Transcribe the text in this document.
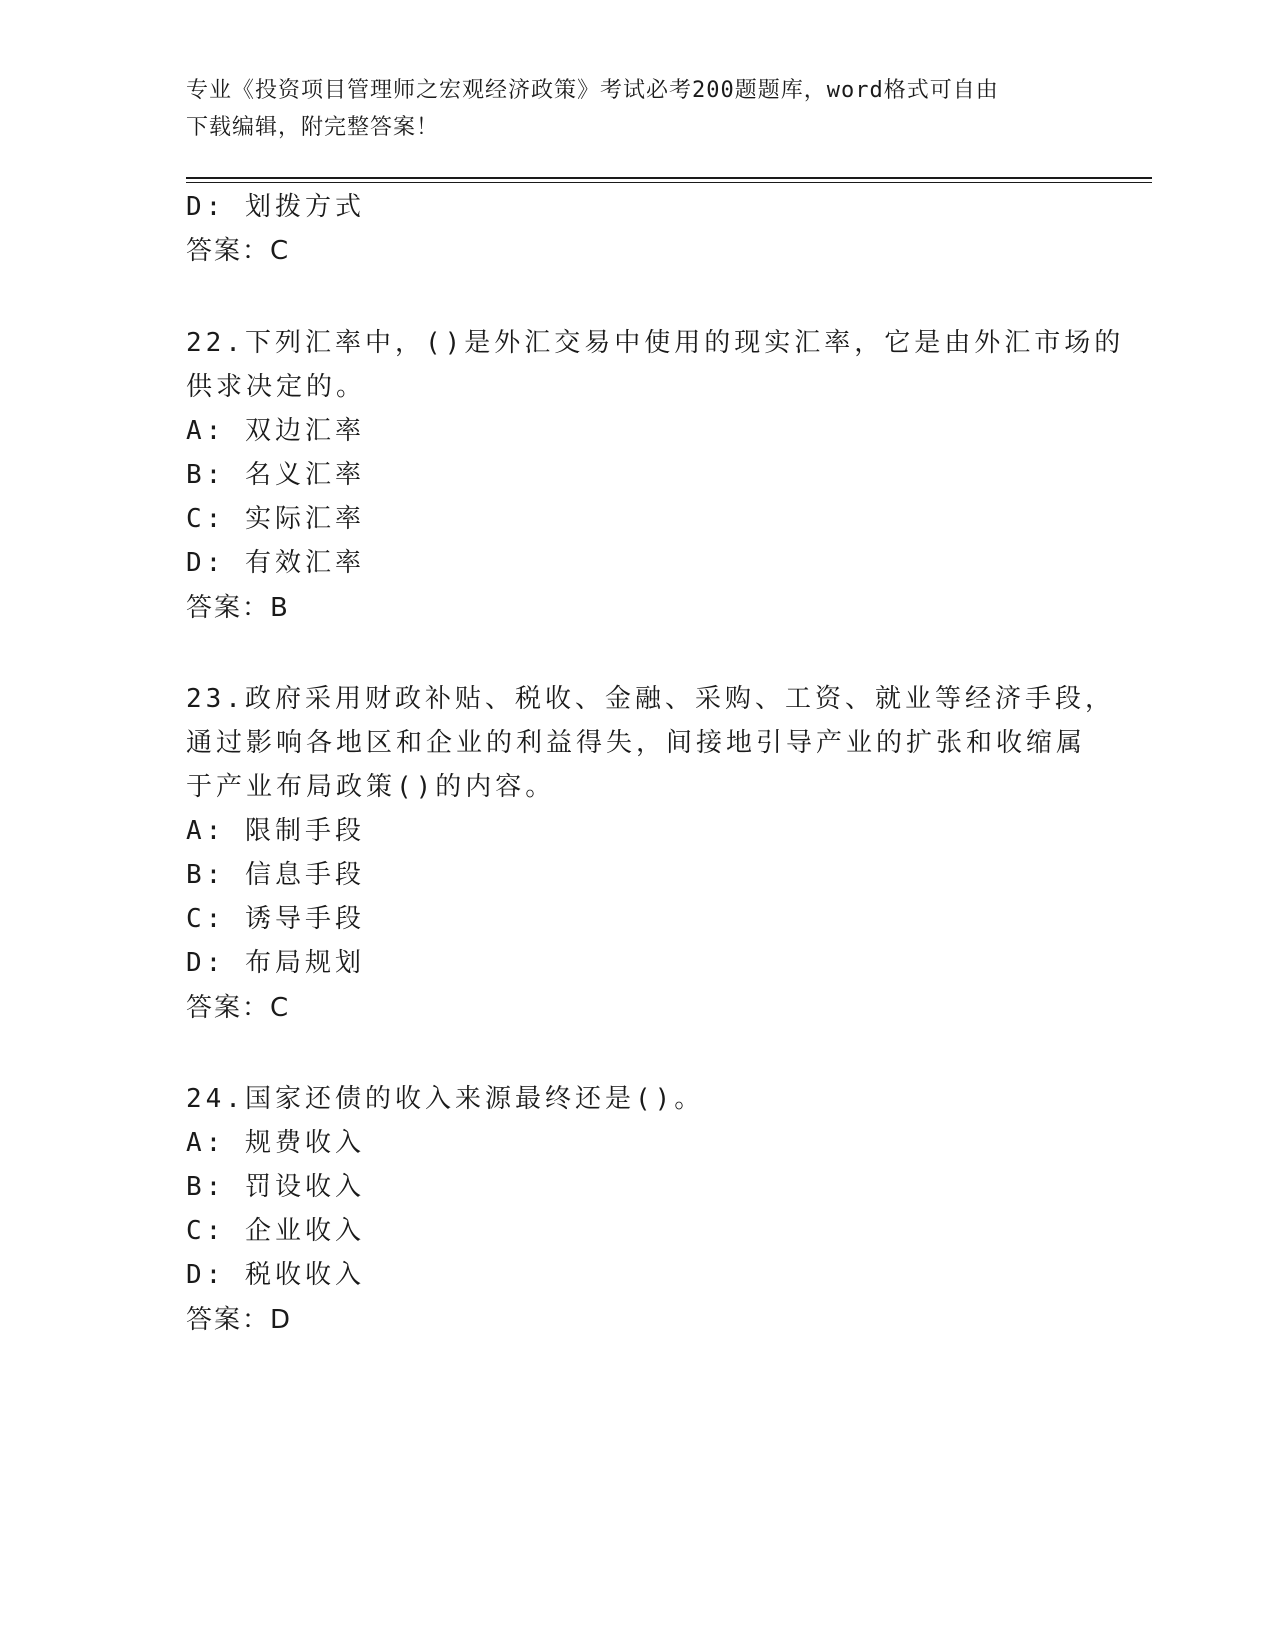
专业《投资项目管理师之宏观经济政策》考试必考200题题库，word格式可自由
下载编辑，附完整答案！
D: 划拨方式
答案：C
22.下列汇率中，()是外汇交易中使用的现实汇率，它是由外汇市场的
供求决定的。
A: 双边汇率
B: 名义汇率
C: 实际汇率
D: 有效汇率
答案：B
23.政府采用财政补贴、税收、金融、采购、工资、就业等经济手段，
通过影响各地区和企业的利益得失，间接地引导产业的扩张和收缩属
于产业布局政策()的内容。
A: 限制手段
B: 信息手段
C: 诱导手段
D: 布局规划
答案：C
24.国家还债的收入来源最终还是()。
A: 规费收入
B: 罚设收入
C: 企业收入
D: 税收收入
答案：D
